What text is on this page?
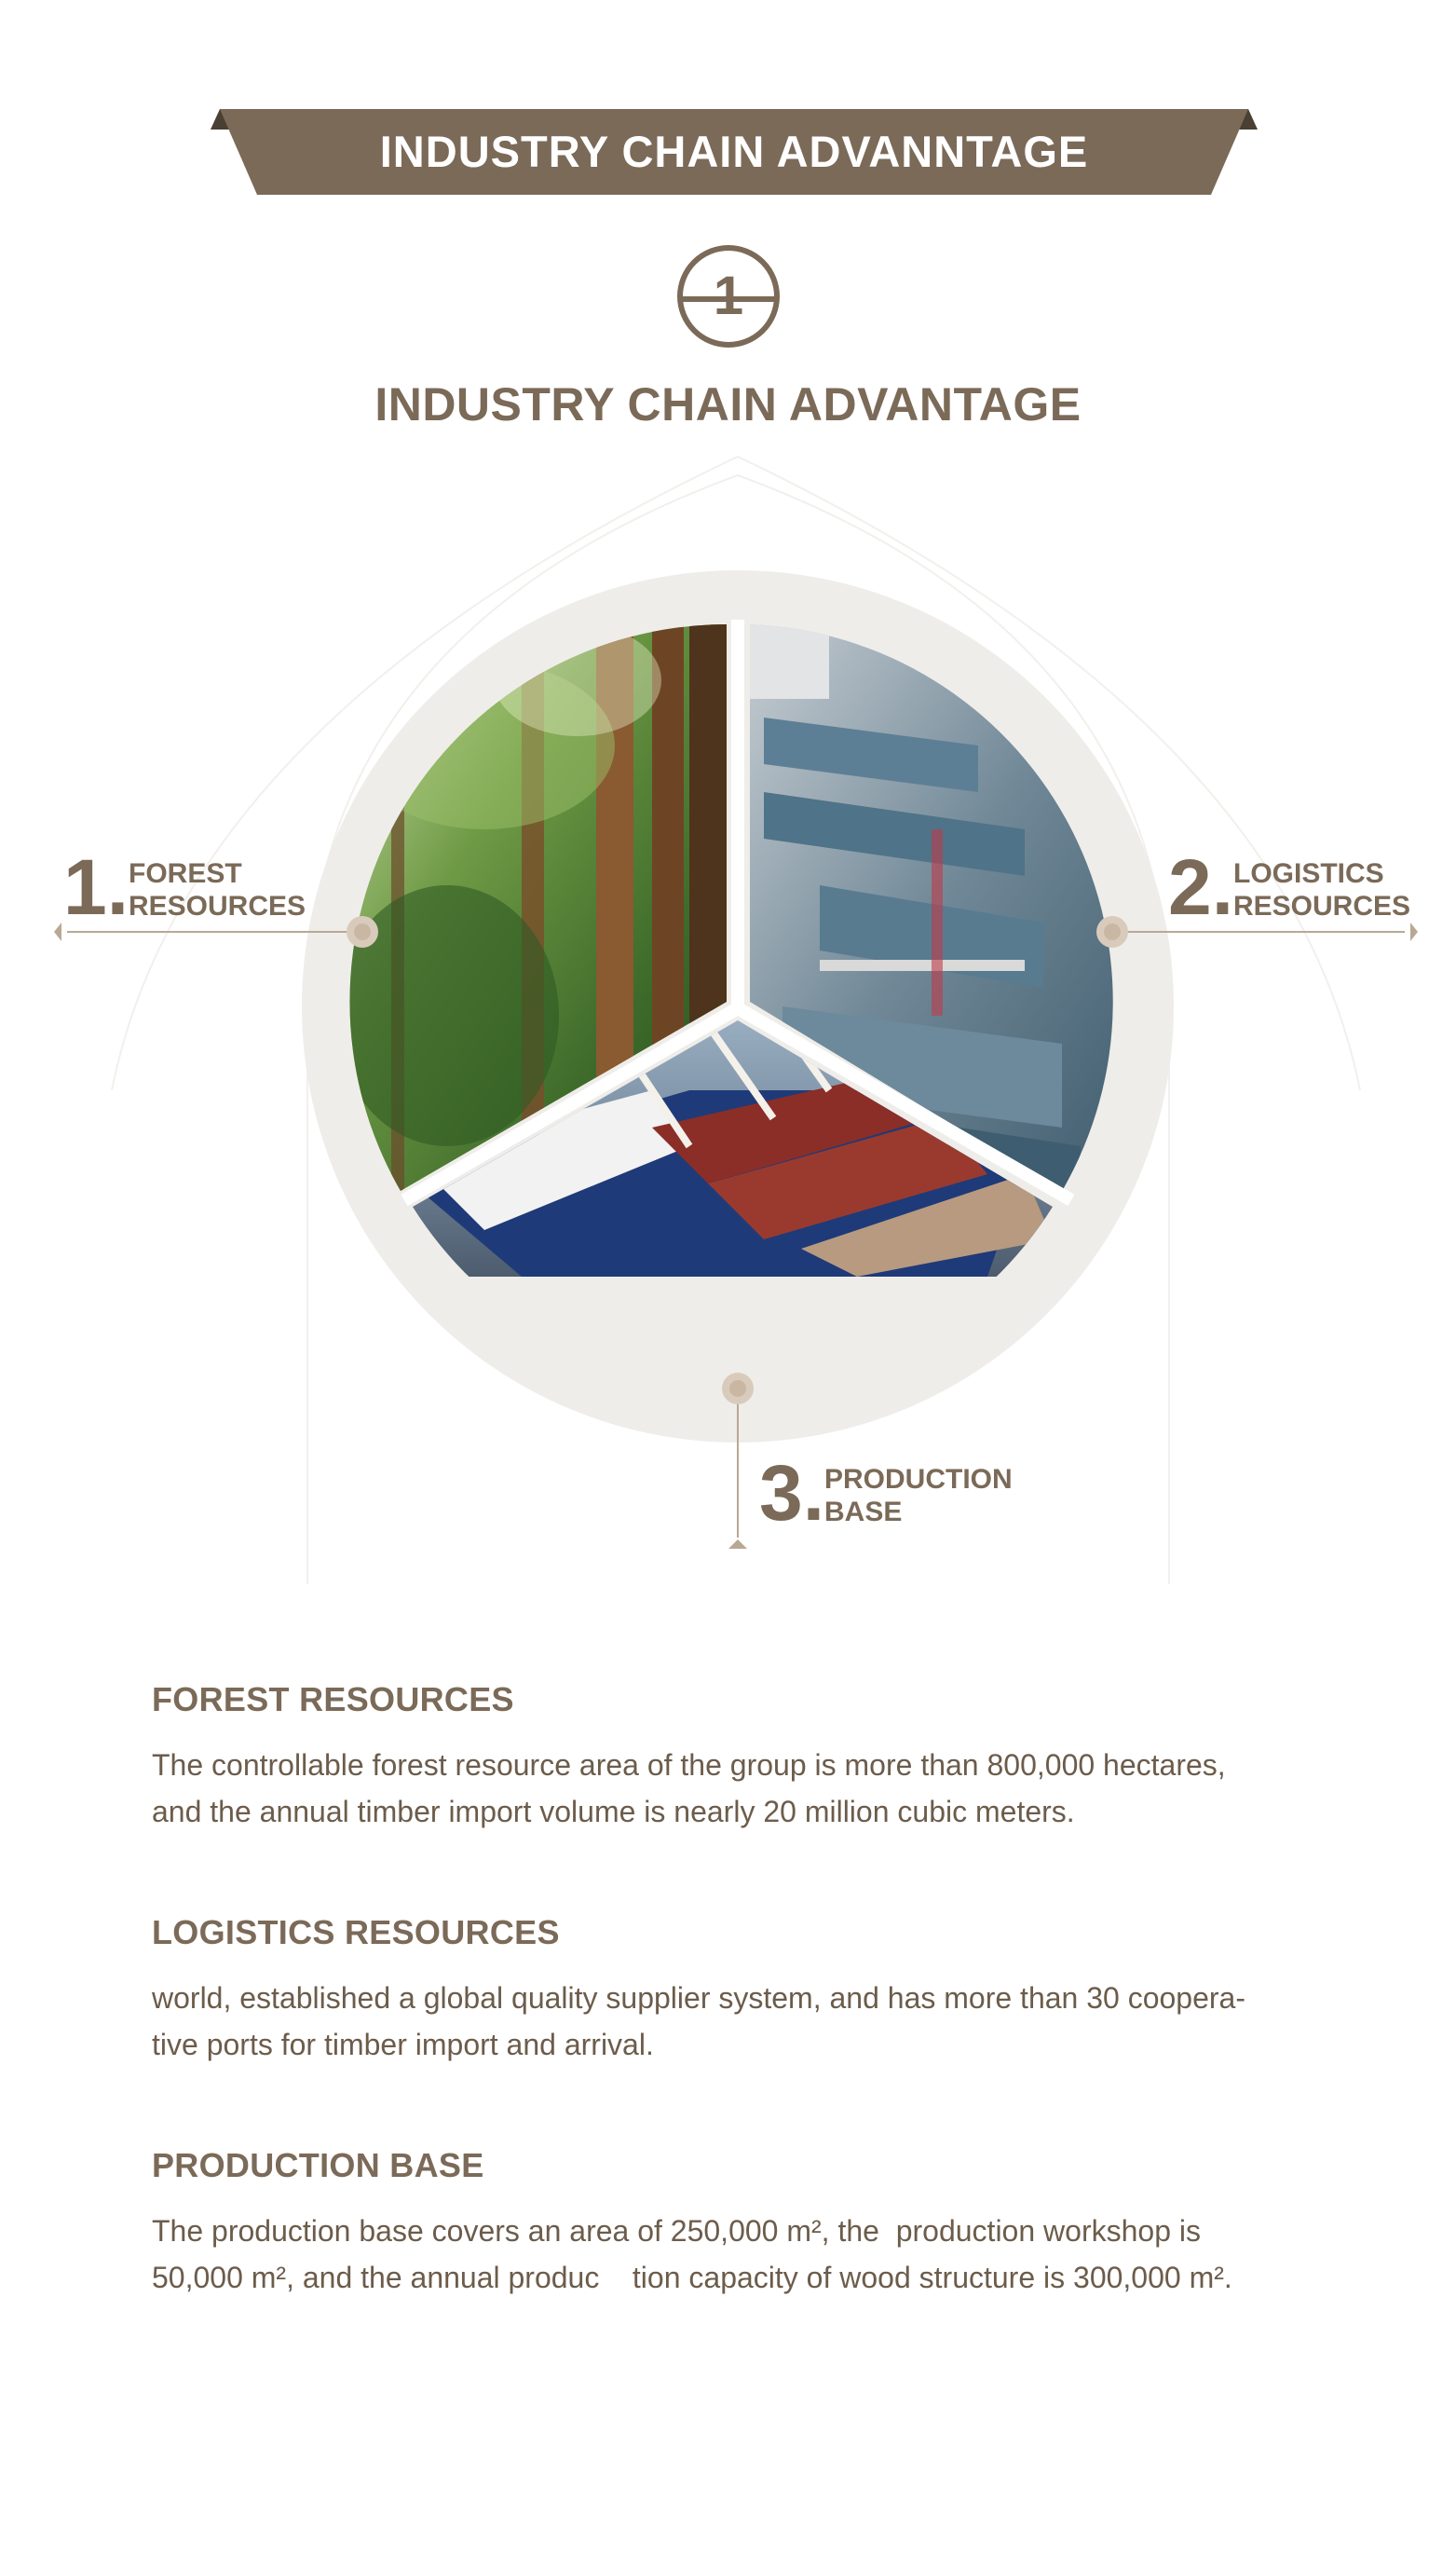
INDUSTRY CHAIN ADVANNTAGE
1
INDUSTRY CHAIN ADVANTAGE
1. FOREST
RESOURCES	2. LOGISTICS
RESOURCES
3. PRODUCTION
BASE
FOREST RESOURCES
The controllable forest resource area of the group is more than 800,000 hectares,
and the annual timber import volume is nearly 20 million cubic meters.
LOGISTICS RESOURCES
world, established a global quality supplier system, and has more than 30 coopera-
tive ports for timber import and arrival.
PRODUCTION BASE
The production base covers an area of 250,000 m², the  production workshop is
50,000 m², and the annual produc    tion capacity of wood structure is 300,000 m².
